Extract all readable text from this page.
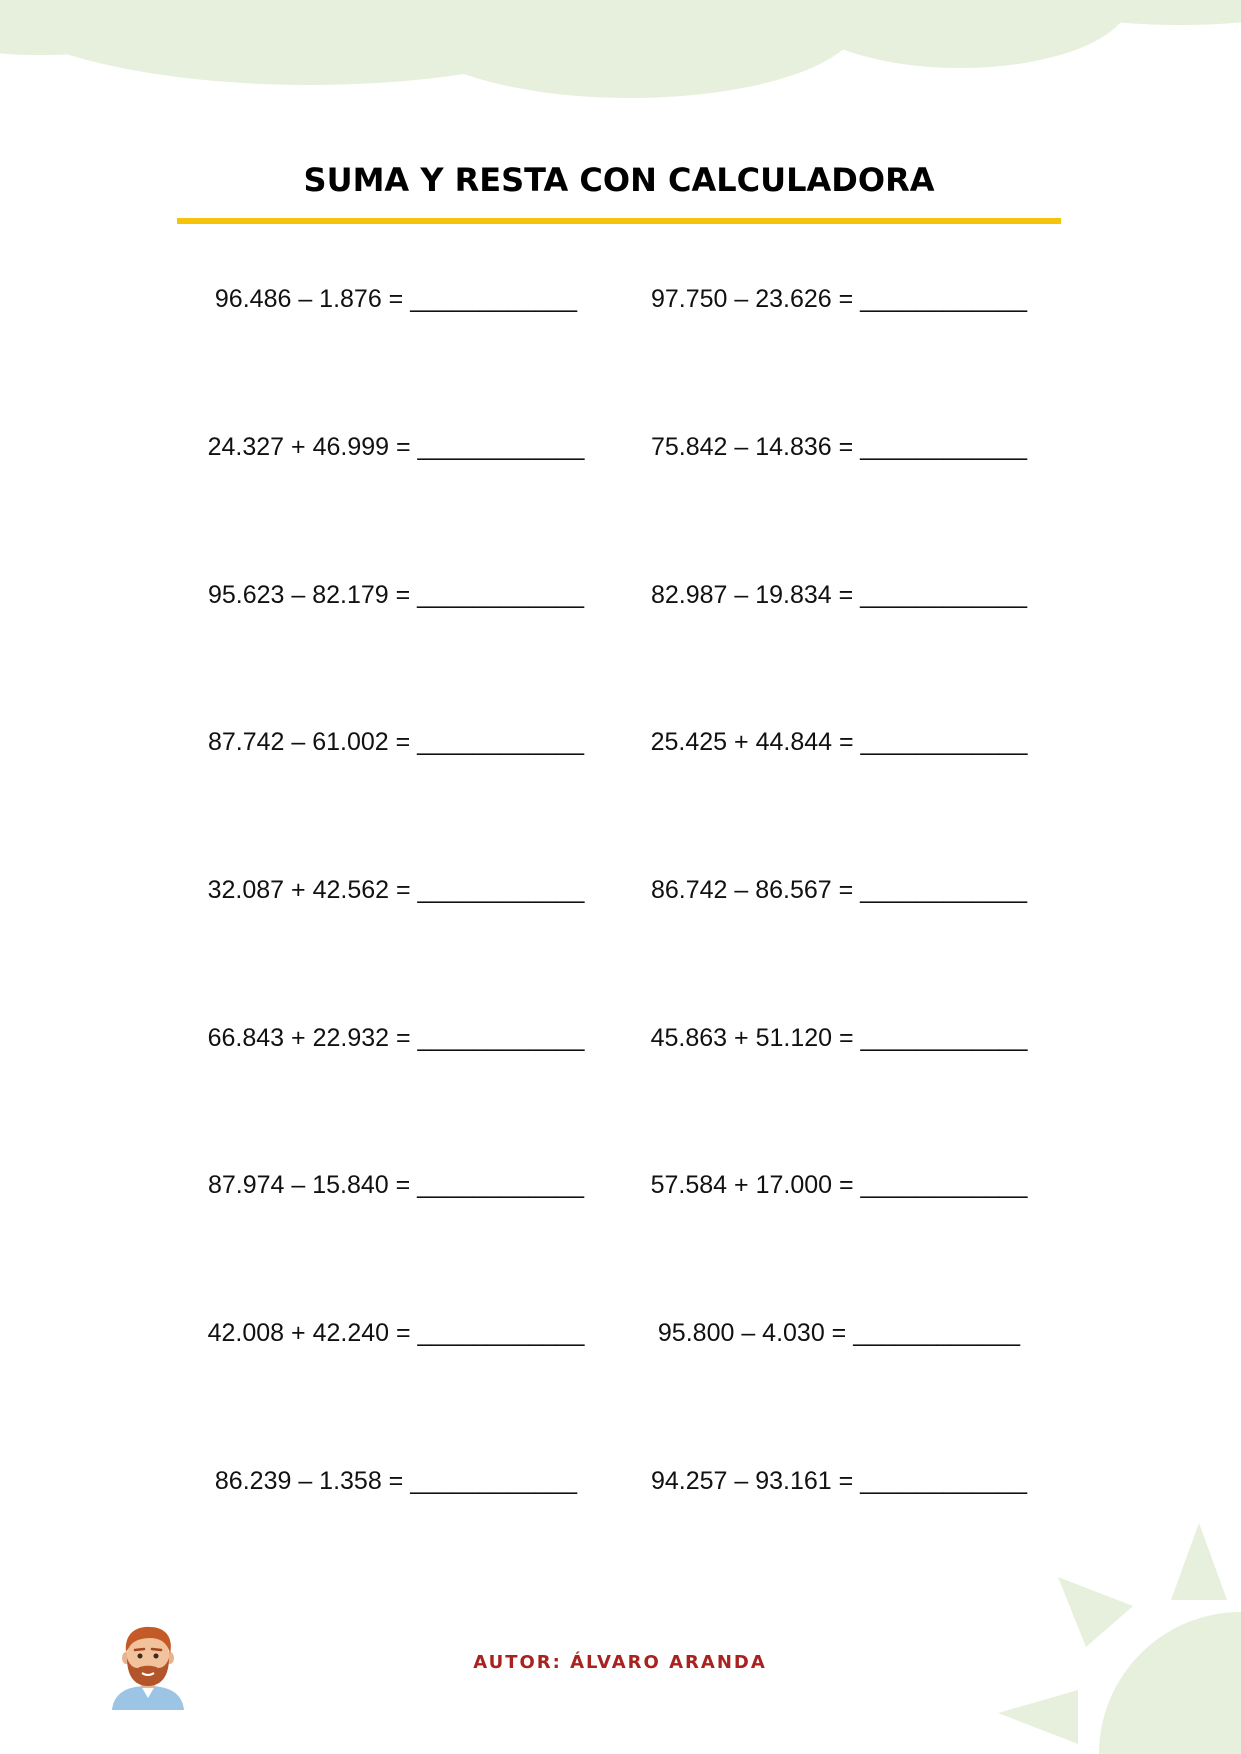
SUMA Y RESTA CON CALCULADORA
96.486 – 1.876 = ____________	97.750 – 23.626 = ____________
24.327 + 46.999 = ____________	75.842 – 14.836 = ____________
95.623 – 82.179 = ____________	82.987 – 19.834 = ____________
87.742 – 61.002 = ____________	25.425 + 44.844 = ____________
32.087 + 42.562 = ____________	86.742 – 86.567 = ____________
66.843 + 22.932 = ____________	45.863 + 51.120 = ____________
87.974 – 15.840 = ____________	57.584 + 17.000 = ____________
42.008 + 42.240 = ____________	95.800 – 4.030 = ____________
86.239 – 1.358 = ____________	94.257 – 93.161 = ____________
AUTOR: ÁLVARO ARANDA
